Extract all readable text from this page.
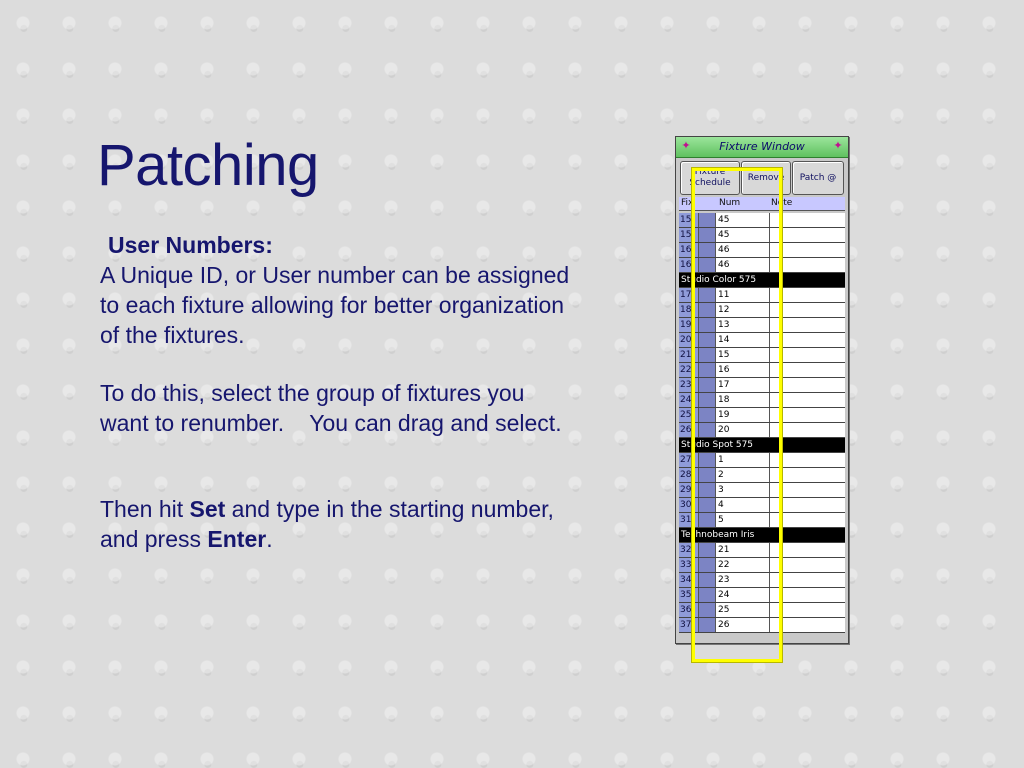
Patching
User Numbers:
A Unique ID, or User number can be assigned to each fixture allowing for better organization of the fixtures.
To do this, select the group of fixtures you want to renumber.    You can drag and select.
Then hit Set and type in the starting number, and press Enter.
✦	Fixture Window	✦
Fixture Schedule
Remove	Patch @
Fix	Num	Note
15	45
15	45
16	46
16	46
Studio Color 575
17	11
18	12
19	13
20	14
21	15
22	16
23	17
24	18
25	19
26	20
Studio Spot 575
27	1
28	2
29	3
30	4
31	5
Technobeam Iris
32	21
33	22
34	23
35	24
36	25
37	26
